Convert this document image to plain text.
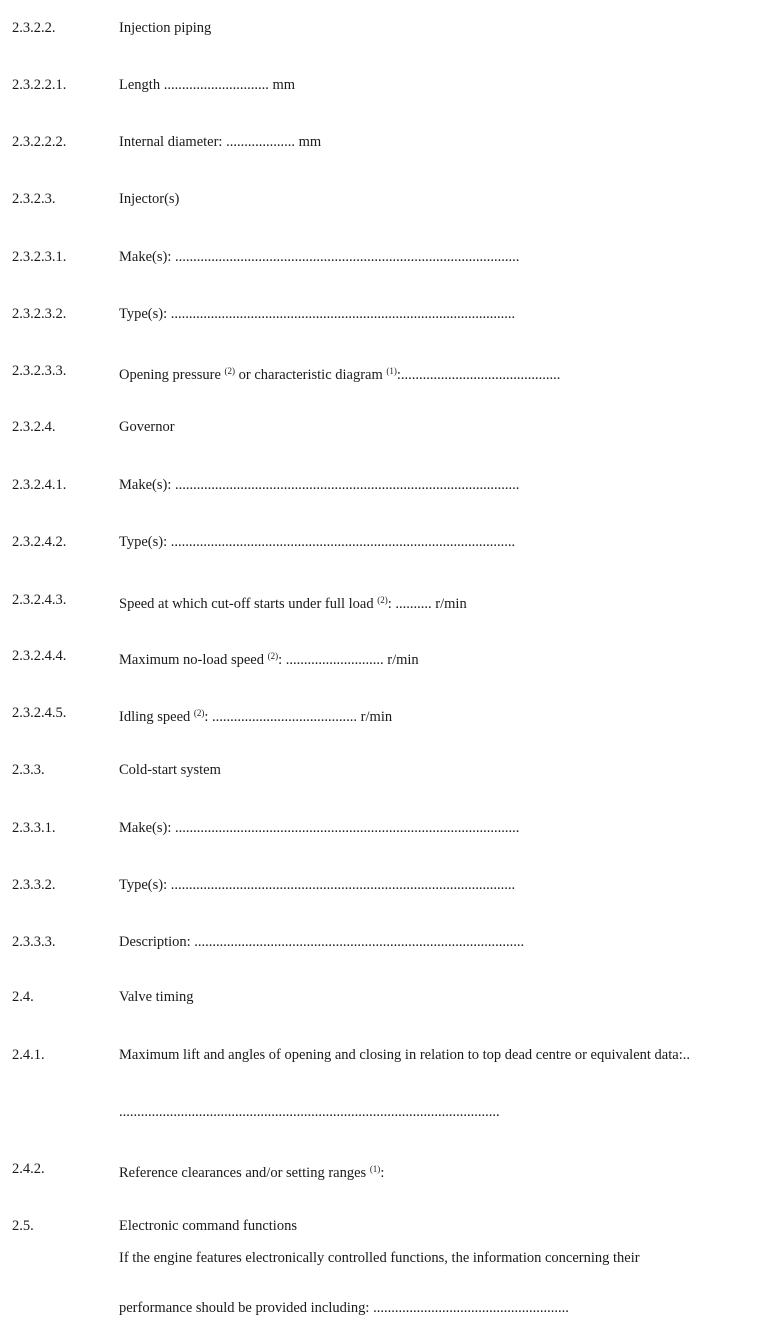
2.3.2.2.	Injection piping
2.3.2.2.1.	Length ............................. mm
2.3.2.2.2.	Internal diameter: ................... mm
2.3.2.3.	Injector(s)
2.3.2.3.1.	Make(s): ...............................................................................................
2.3.2.3.2.	Type(s): ...............................................................................................
2.3.2.3.3.	Opening pressure $^{(2)}$ or characteristic diagram $^{(1)}$:............................................
2.3.2.4.	Governor
2.3.2.4.1.	Make(s): ...............................................................................................
2.3.2.4.2.	Type(s): ...............................................................................................
2.3.2.4.3.	Speed at which cut-off starts under full load $^{(2)}$: .......... r/min
2.3.2.4.4.	Maximum no-load speed $^{(2)}$: ........................... r/min
2.3.2.4.5.	Idling speed $^{(2)}$: ........................................ r/min
2.3.3.	Cold-start system
2.3.3.1.	Make(s): ...............................................................................................
2.3.3.2.	Type(s): ...............................................................................................
2.3.3.3.	Description: ...........................................................................................
2.4.	Valve timing
2.4.1.	Maximum lift and angles of opening and closing in relation to top dead centre or equivalent data:..
.........................................................................................................
2.4.2.	Reference clearances and/or setting ranges $^{(1)}$:
2.5.	Electronic command functions
If the engine features electronically controlled functions, the information concerning their
performance should be provided including: ......................................................
